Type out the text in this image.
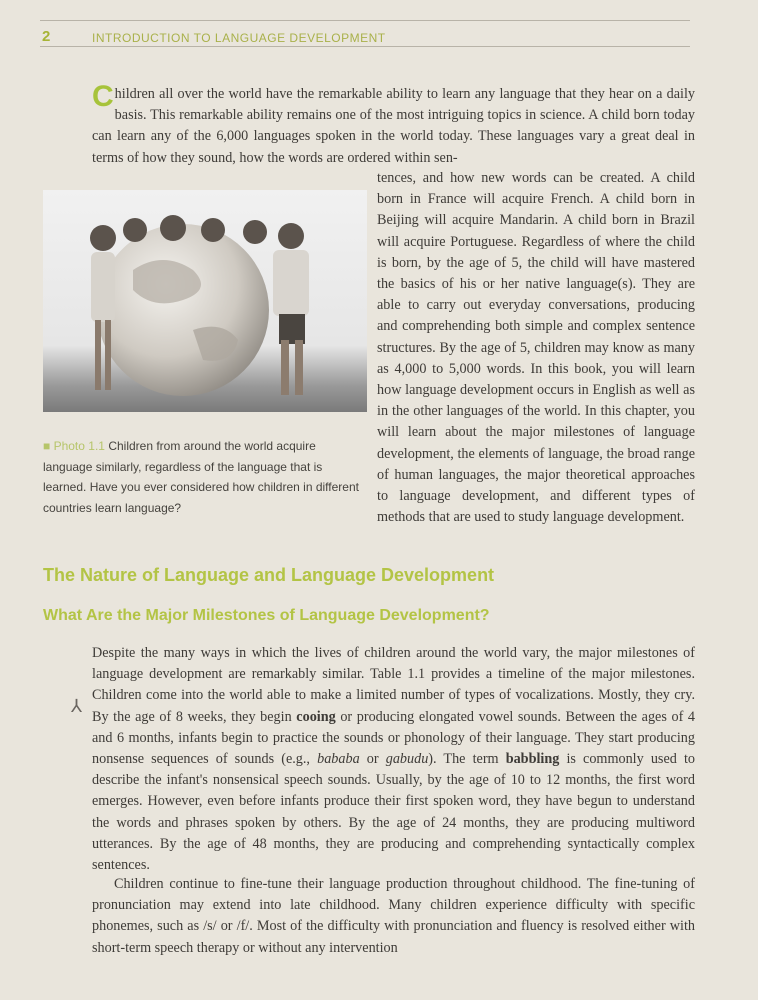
2	INTRODUCTION TO LANGUAGE DEVELOPMENT

Children all over the world have the remarkable ability to learn any language that they hear on a daily basis. This remarkable ability remains one of the most intriguing topics in science. A child born today can learn any of the 6,000 languages spoken in the world today. These languages vary a great deal in terms of how they sound, how the words are ordered within sen-

tences, and how new words can be created. A child born in France will acquire French. A child born in Beijing will acquire Mandarin. A child born in Brazil will acquire Portuguese. Regardless of where the child is born, by the age of 5, the child will have mastered the basics of his or her native language(s). They are able to carry out everyday conversations, producing and comprehending both simple and complex sentence structures. By the age of 5, children may know as many as 4,000 to 5,000 words. In this book, you will learn how language development occurs in English as well as in the other languages of the world. In this chapter, you will learn about the major milestones of language development, the elements of language, the broad range of human languages, the major theoretical approaches to language development, and different types of methods that are used to study language development.

■ Photo 1.1 Children from around the world acquire language similarly, regardless of the language that is learned. Have you ever considered how children in different countries learn language?

The Nature of Language and Language Development
What Are the Major Milestones of Language Development?
⅄

Despite the many ways in which the lives of children around the world vary, the major milestones of language development are remarkably similar. Table 1.1 provides a timeline of the major milestones. Children come into the world able to make a limited number of types of vocalizations. Mostly, they cry. By the age of 8 weeks, they begin cooing or producing elongated vowel sounds. Between the ages of 4 and 6 months, infants begin to practice the sounds or phonology of their language. They start producing nonsense sequences of sounds (e.g., bababa or gabudu). The term babbling is commonly used to describe the infant's nonsensical speech sounds. Usually, by the age of 10 to 12 months, the first word emerges. However, even before infants produce their first spoken word, they have begun to understand the words and phrases spoken by others. By the age of 24 months, they are producing multiword utterances. By the age of 48 months, they are producing and comprehending syntactically complex sentences.

Children continue to fine-tune their language production throughout childhood. The fine-tuning of pronunciation may extend into late childhood. Many children experience difficulty with specific phonemes, such as /s/ or /f/. Most of the difficulty with pronunciation and fluency is resolved either with short-term speech therapy or without any intervention
